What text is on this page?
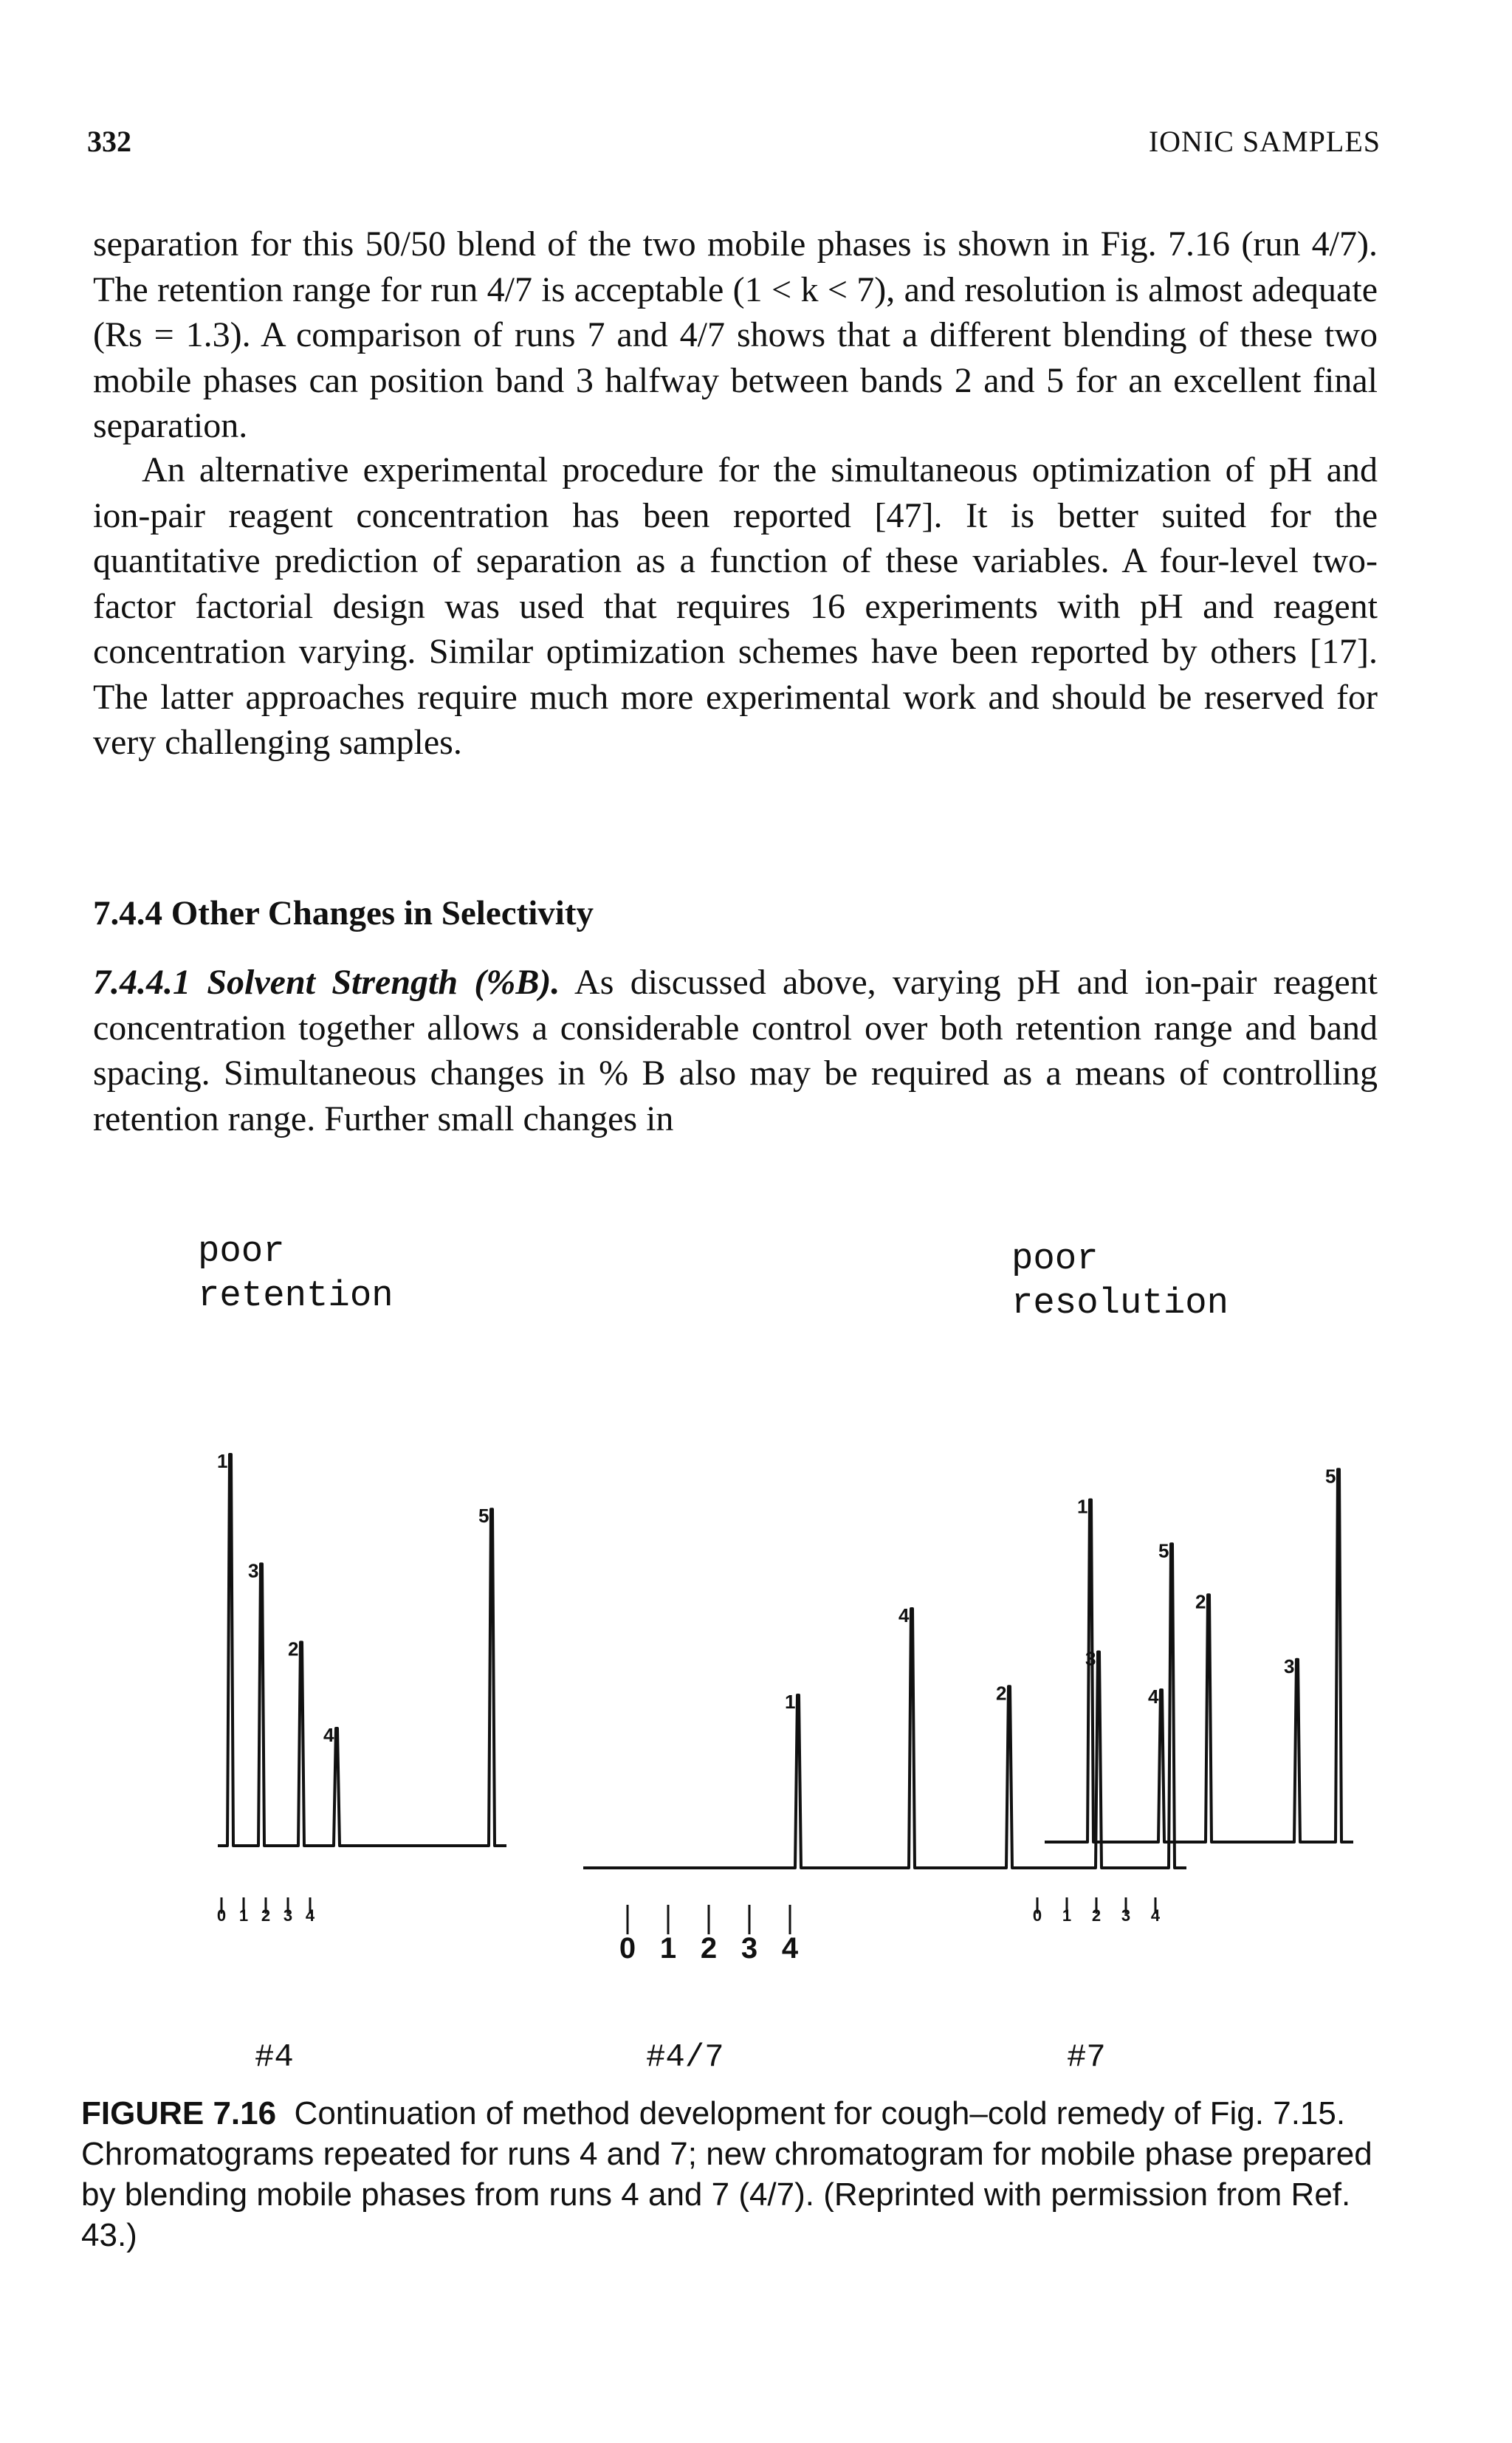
332	IONIC SAMPLES

separation for this 50/50 blend of the two mobile phases is shown in Fig. 7.16 (run 4/7). The retention range for run 4/7 is acceptable (1 < k < 7), and resolution is almost adequate (Rs = 1.3). A comparison of runs 7 and 4/7 shows that a different blending of these two mobile phases can position band 3 halfway between bands 2 and 5 for an excellent final separation.

An alternative experimental procedure for the simultaneous optimization of pH and ion-pair reagent concentration has been reported [47]. It is better suited for the quantitative prediction of separation as a function of these variables. A four-level two-factor factorial design was used that requires 16 experiments with pH and reagent concentration varying. Similar optimization schemes have been reported by others [17]. The latter approaches require much more experimental work and should be reserved for very challenging samples.

7.4.4 Other Changes in Selectivity

7.4.4.1 Solvent Strength (%B). As discussed above, varying pH and ion-pair reagent concentration together allows a considerable control over both retention range and band spacing. Simultaneous changes in % B also may be required as a means of controlling retention range. Further small changes in

poor
retention
poor
resolution
1
3
2
4
5
0 1 2 3 4
1
4
2
3
5
0 1 2 3 4
1
4
2
3
5
0 1 2 3 4
#4	#4/7	#7

FIGURE 7.16 Continuation of method development for cough–cold remedy of Fig. 7.15. Chromatograms repeated for runs 4 and 7; new chromatogram for mobile phase prepared by blending mobile phases from runs 4 and 7 (4/7). (Reprinted with permission from Ref. 43.)
